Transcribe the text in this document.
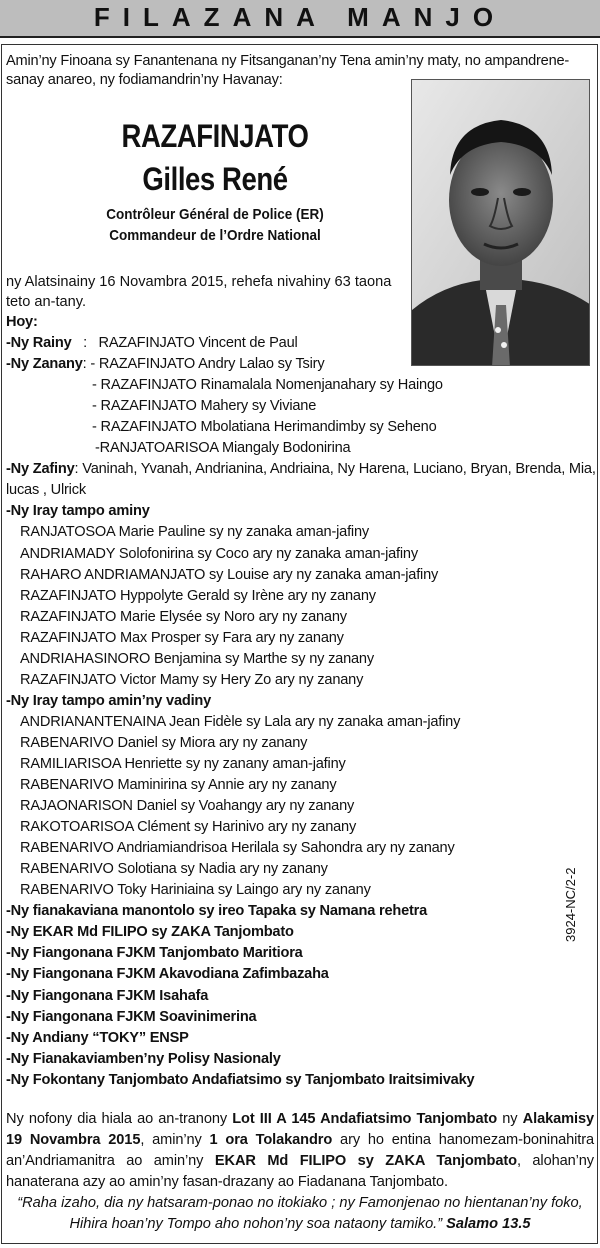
FILAZANA MANJO
Amin’ny Finoana sy Fanantenana ny Fitsanganan’ny Tena amin’ny maty, no ampandrene-sanay anareo, ny fodiamandrin’ny Havanay:
RAZAFINJATO
Gilles René
Contrôleur Général de Police (ER)
Commandeur de l’Ordre National
ny Alatsinainy 16 Novambra 2015, rehefa nivahiny 63 taona teto an-tany.
Hoy:
-Ny Rainy : RAZAFINJATO Vincent de Paul
-Ny Zanany: - RAZAFINJATO Andry Lalao sy Tsiry
- RAZAFINJATO Rinamalala Nomenjanahary sy Haingo
- RAZAFINJATO Mahery sy Viviane
- RAZAFINJATO Mbolatiana Herimandimby sy Seheno
-RANJATOARISOA Miangaly Bodonirina
-Ny Zafiny: Vaninah, Yvanah, Andrianina, Andriaina, Ny Harena, Luciano, Bryan, Brenda, Mia, lucas , Ulrick
-Ny Iray tampo aminy
RANJATOSOA Marie Pauline sy ny zanaka aman-jafiny
ANDRIAMADY Solofonirina sy Coco ary ny zanaka aman-jafiny
RAHARO ANDRIAMANJATO sy Louise ary ny zanaka aman-jafiny
RAZAFINJATO Hyppolyte Gerald sy Irène ary ny zanany
RAZAFINJATO Marie Elysée sy Noro ary ny zanany
RAZAFINJATO Max Prosper sy Fara ary ny zanany
ANDRIAHASINORO Benjamina sy Marthe sy ny zanany
RAZAFINJATO Victor Mamy sy Hery Zo ary ny zanany
-Ny Iray tampo amin’ny vadiny
ANDRIANANTENAINA Jean Fidèle sy Lala ary ny zanaka aman-jafiny
RABENARIVO Daniel sy Miora ary ny zanany
RAMILIARISOA Henriette sy ny zanany aman-jafiny
RABENARIVO Maminirina sy Annie ary ny zanany
RAJAONARISON Daniel sy Voahangy ary ny zanany
RAKOTOARISOA Clément sy Harinivo ary ny zanany
RABENARIVO Andriamiandrisoa Herilala sy Sahondra ary ny zanany
RABENARIVO Solotiana sy Nadia ary ny zanany
RABENARIVO Toky Hariniaina sy Laingo ary ny zanany
-Ny fianakaviana manontolo sy ireo Tapaka sy Namana rehetra
-Ny EKAR Md FILIPO sy ZAKA Tanjombato
-Ny Fiangonana FJKM Tanjombato Maritiora
-Ny Fiangonana FJKM Akavodiana Zafimbazaha
-Ny Fiangonana FJKM Isahafa
-Ny Fiangonana FJKM Soavinimerina
-Ny Andiany “TOKY” ENSP
-Ny Fianakaviamben’ny Polisy Nasionaly
-Ny Fokontany Tanjombato Andafiatsimo sy Tanjombato Iraitsimivaky
3924-NC/2-2
Ny nofony dia hiala ao an-tranony Lot III A 145 Andafiatsimo Tanjombato ny Alakamisy 19 Novambra 2015, amin’ny 1 ora Tolakandro ary ho entina hanomezam-boninahitra an’Andriamanitra ao amin’ny EKAR Md FILIPO sy ZAKA Tanjombato, alohan’ny hanaterana azy ao amin’ny fasan-drazany ao Fiadanana Tanjombato.
“Raha izaho, dia ny hatsaram-ponao no itokiako ; ny Famonjenao no hientanan’ny foko, Hihira hoan’ny Tompo aho nohon’ny soa nataony tamiko.” Salamo 13.5
